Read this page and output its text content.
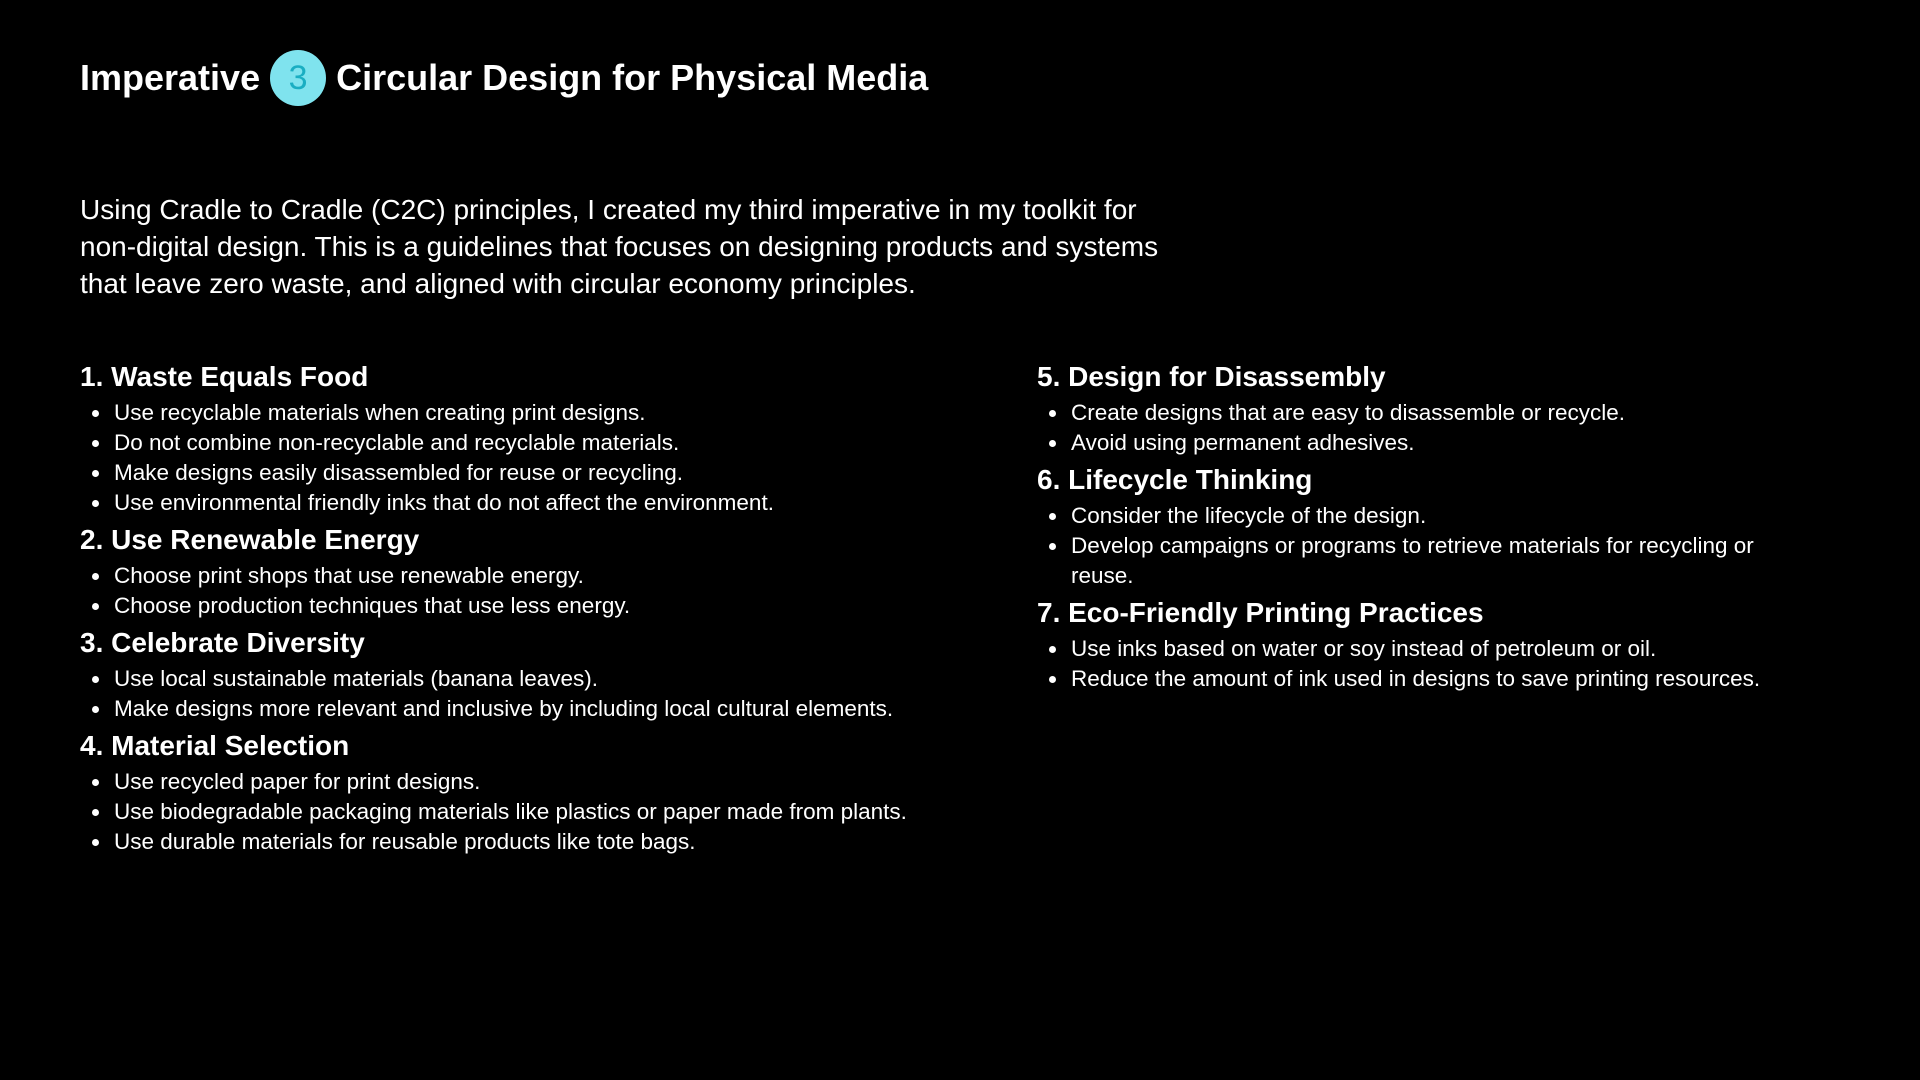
Imperative 3 Circular Design for Physical Media

Using Cradle to Cradle (C2C) principles, I created my third imperative in my toolkit for non-digital design. This is a guidelines that focuses on designing products and systems that leave zero waste, and aligned with circular economy principles.

1. Waste Equals Food
Use recyclable materials when creating print designs.
Do not combine non-recyclable and recyclable materials.
Make designs easily disassembled for reuse or recycling.
Use environmental friendly inks that do not affect the environment.
2. Use Renewable Energy
Choose print shops that use renewable energy.
Choose production techniques that use less energy.
3. Celebrate Diversity
Use local sustainable materials (banana leaves).
Make designs more relevant and inclusive by including local cultural elements.
4. Material Selection
Use recycled paper for print designs.
Use biodegradable packaging materials like plastics or paper made from plants.
Use durable materials for reusable products like tote bags.
5. Design for Disassembly
Create designs that are easy to disassemble or recycle.
Avoid using permanent adhesives.
6. Lifecycle Thinking
Consider the lifecycle of the design.
Develop campaigns or programs to retrieve materials for recycling or reuse.
7. Eco-Friendly Printing Practices
Use inks based on water or soy instead of petroleum or oil.
Reduce the amount of ink used in designs to save printing resources.
